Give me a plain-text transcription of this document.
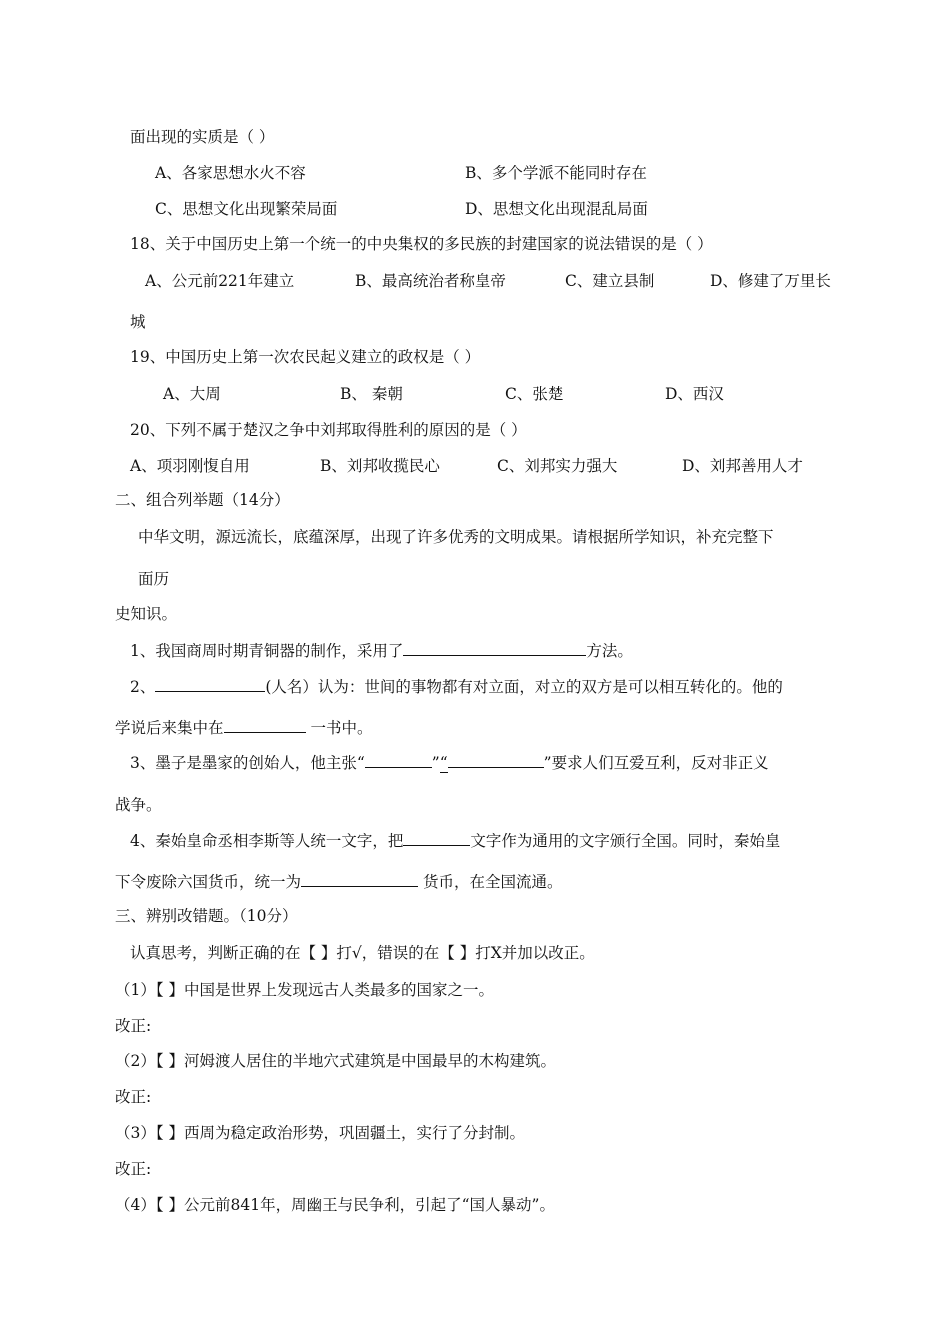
面出现的实质是（ ）
A、各家思想水火不容	B、多个学派不能同时存在
C、思想文化出现繁荣局面	D、思想文化出现混乱局面
18、关于中国历史上第一个统一的中央集权的多民族的封建国家的说法错误的是（ ）
A、公元前221年建立	B、最高统治者称皇帝	C、建立县制	D、修建了万里长
城
19、中国历史上第一次农民起义建立的政权是（ ）
A、大周	B、 秦朝	C、张楚	D、西汉
20、下列不属于楚汉之争中刘邦取得胜利的原因的是（ ）
A、项羽刚愎自用	B、刘邦收揽民心	C、刘邦实力强大	D、刘邦善用人才
二、组合列举题（14分）
中华文明，源远流长，底蕴深厚，出现了许多优秀的文明成果。请根据所学知识，补充完整下
面历
史知识。
1、我国商周时期青铜器的制作，采用了	方法。
2、	(人名）认为：世间的事物都有对立面，对立的双方是可以相互转化的。他的
学说后来集中在	一书中。
3、墨子是墨家的创始人，他主张“	”“	”要求人们互爱互利，反对非正义
战争。
4、秦始皇命丞相李斯等人统一文字，把	文字作为通用的文字颁行全国。同时，秦始皇
下令废除六国货币，统一为	货币，在全国流通。
三、辨别改错题。（10分）
认真思考，判断正确的在【 】打√，错误的在【 】打X并加以改正。
（1）【 】中国是世界上发现远古人类最多的国家之一。
改正:
（2）【 】河姆渡人居住的半地穴式建筑是中国最早的木构建筑。
改正:
（3）【 】西周为稳定政治形势，巩固疆土，实行了分封制。
改正:
（4）【 】公元前841年，周幽王与民争利，引起了“国人暴动”。
